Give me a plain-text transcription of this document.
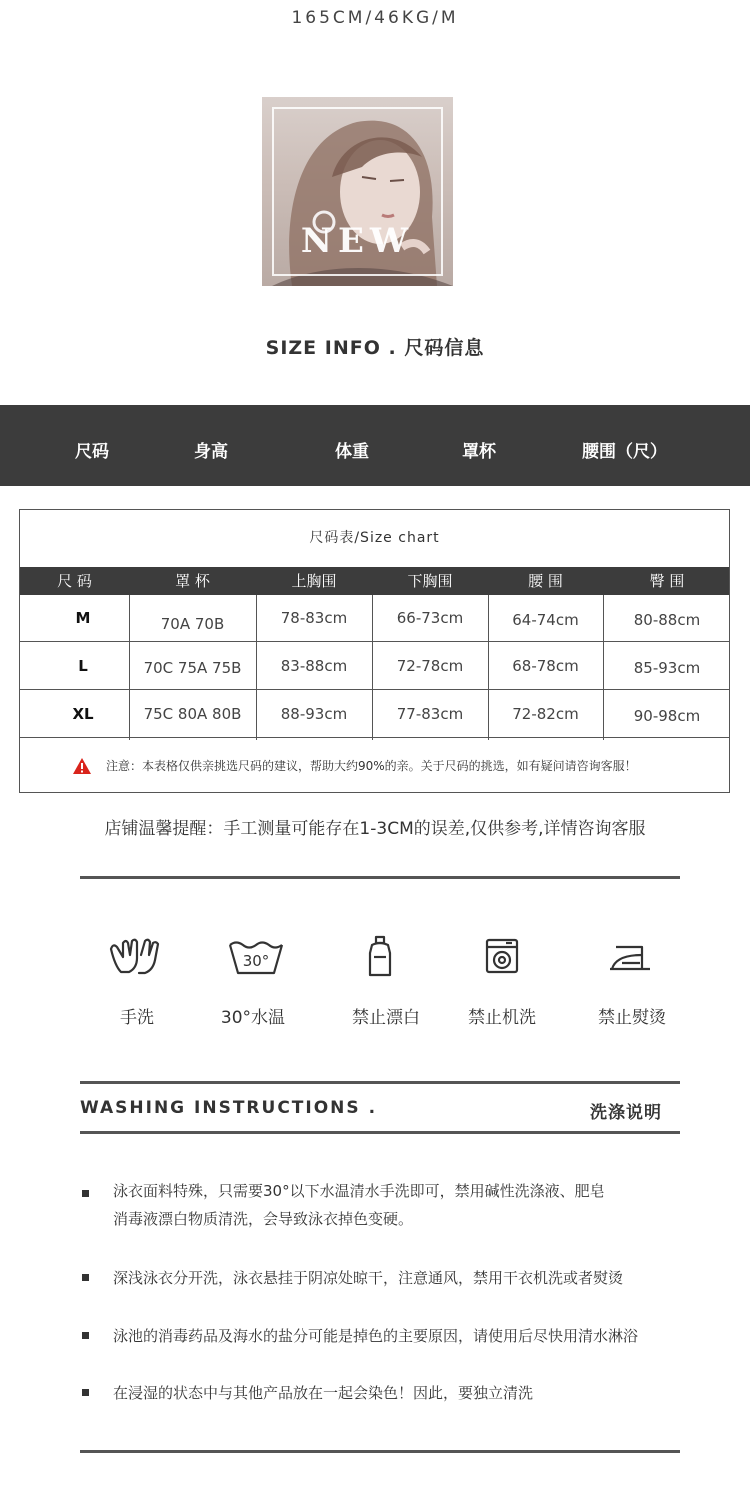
165CM/46KG/M
NEW
SIZE INFO . 尺码信息
尺码	身高	体重	罩杯	腰围（尺）
尺码表/Size chart
尺 码	罩 杯	上胸围	下胸围	腰 围	臀 围
M	70A 70B	78-83cm	66-73cm	64-74cm	80-88cm
L	70C 75A 75B	83-88cm	72-78cm	68-78cm	85-93cm
XL	75C 80A 80B	88-93cm	77-83cm	72-82cm	90-98cm
注意：本表格仅供亲挑选尺码的建议，帮助大约90%的亲。关于尺码的挑选，如有疑问请咨询客服！
店铺温馨提醒：手工测量可能存在1-3CM的误差,仅供参考,详情咨询客服
手洗
30°
30°水温	禁止漂白	禁止机洗	禁止熨烫
WASHING INSTRUCTIONS .	洗涤说明
泳衣面料特殊，只需要30°以下水温清水手洗即可，禁用碱性洗涤液、肥皂
消毒液漂白物质清洗，会导致泳衣掉色变硬。
深浅泳衣分开洗，泳衣悬挂于阴凉处晾干，注意通风，禁用干衣机洗或者熨烫
泳池的消毒药品及海水的盐分可能是掉色的主要原因，请使用后尽快用清水淋浴
在浸湿的状态中与其他产品放在一起会染色！因此，要独立清洗
